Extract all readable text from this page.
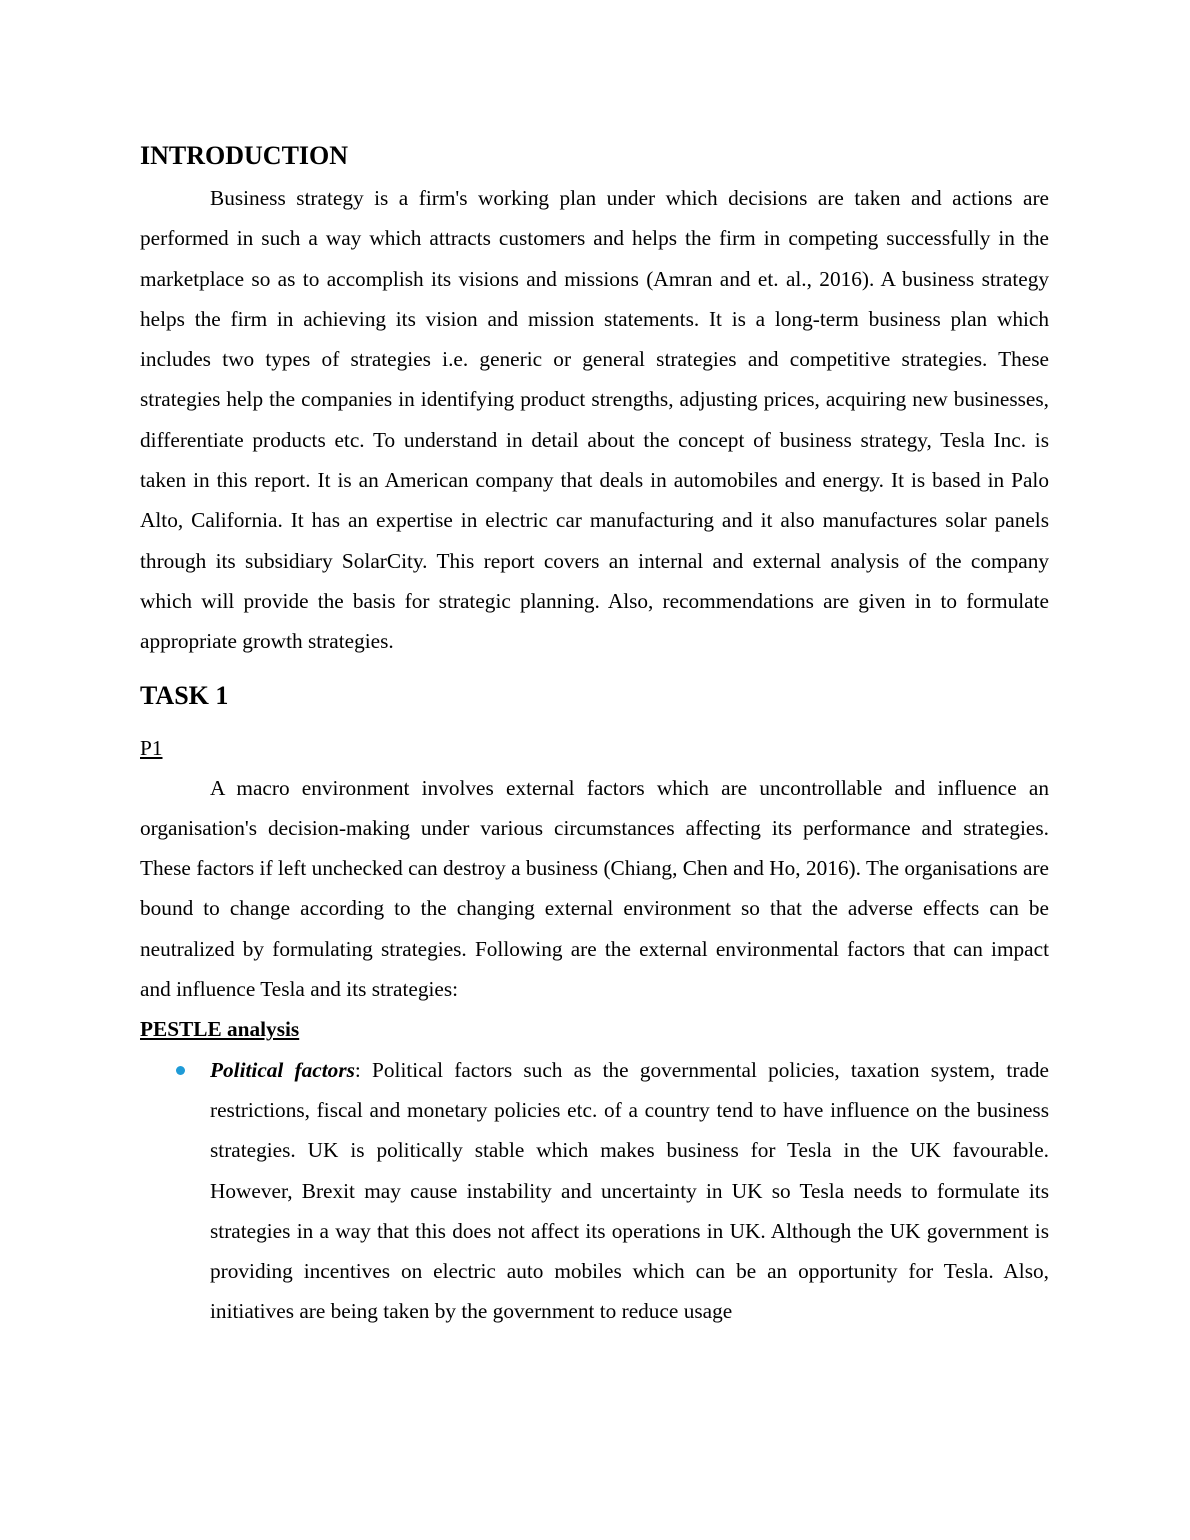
INTRODUCTION

Business strategy is a firm's working plan under which decisions are taken and actions are performed in such a way which attracts customers and helps the firm in competing successfully in the marketplace so as to accomplish its visions and missions (Amran and et. al., 2016). A business strategy helps the firm in achieving its vision and mission statements. It is a long-term business plan which includes two types of strategies i.e. generic or general strategies and competitive strategies. These strategies help the companies in identifying product strengths, adjusting prices, acquiring new businesses, differentiate products etc. To understand in detail about the concept of business strategy, Tesla Inc. is taken in this report. It is an American company that deals in automobiles and energy. It is based in Palo Alto, California. It has an expertise in electric car manufacturing and it also manufactures solar panels through its subsidiary SolarCity. This report covers an internal and external analysis of the company which will provide the basis for strategic planning. Also, recommendations are given in to formulate appropriate growth strategies.

TASK 1

P1

A macro environment involves external factors which are uncontrollable and influence an organisation's decision-making under various circumstances affecting its performance and strategies. These factors if left unchecked can destroy a business (Chiang, Chen and Ho, 2016). The organisations are bound to change according to the changing external environment so that the adverse effects can be neutralized by formulating strategies. Following are the external environmental factors that can impact and influence Tesla and its strategies:

PESTLE analysis

Political factors: Political factors such as the governmental policies, taxation system, trade restrictions, fiscal and monetary policies etc. of a country tend to have influence on the business strategies. UK is politically stable which makes business for Tesla in the UK favourable. However, Brexit may cause instability and uncertainty in UK so Tesla needs to formulate its strategies in a way that this does not affect its operations in UK. Although the UK government is providing incentives on electric auto mobiles which can be an opportunity for Tesla. Also, initiatives are being taken by the government to reduce usage
